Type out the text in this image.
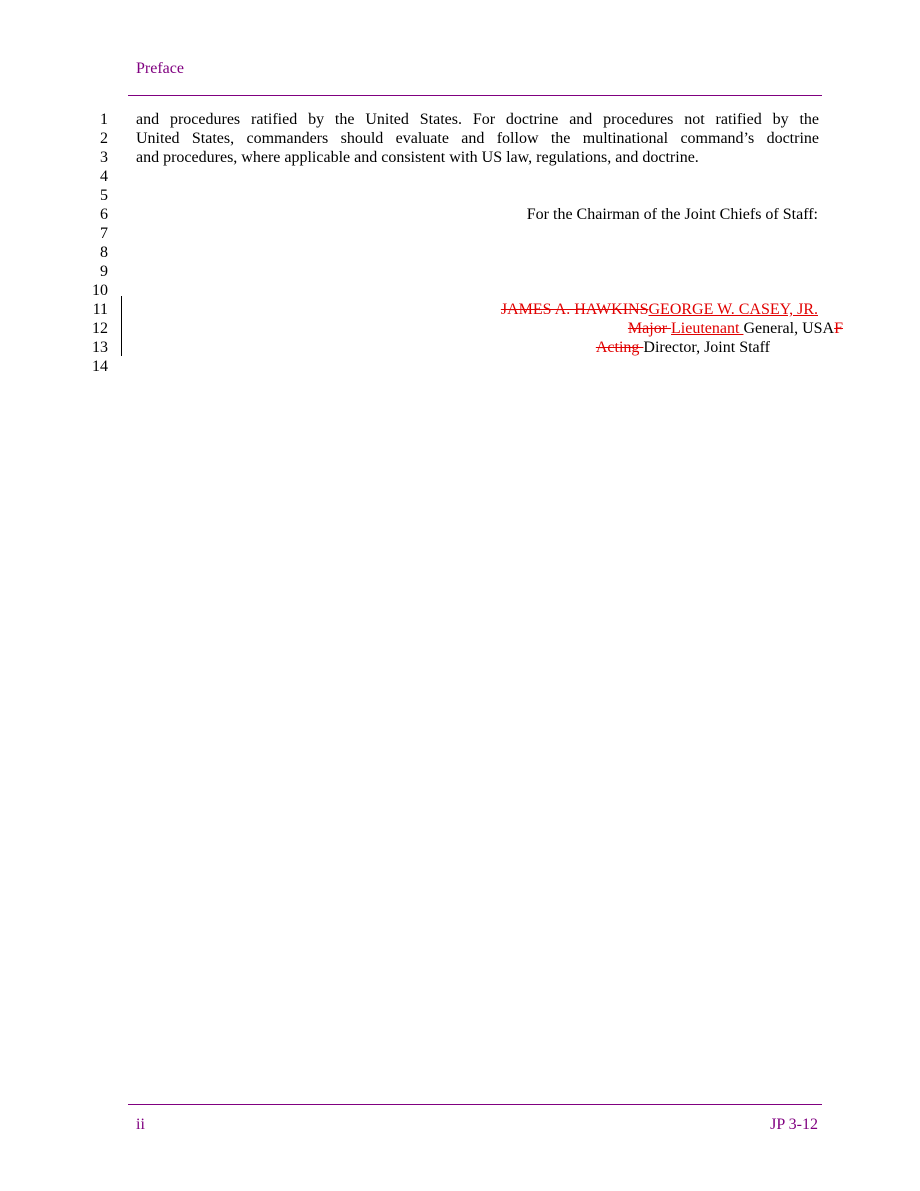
Preface
1
2
3
4
5
6
7
8
9
10
11
12
13
14
and procedures ratified by the United States. For doctrine and procedures not ratified by the
United States, commanders should evaluate and follow the multinational command’s doctrine
and procedures, where applicable and consistent with US law, regulations, and doctrine.
For the Chairman of the Joint Chiefs of Staff:
JAMES A. HAWKINSGEORGE W. CASEY, JR.
Major Lieutenant General, USAF
Acting Director, Joint Staff
ii	JP 3-12
